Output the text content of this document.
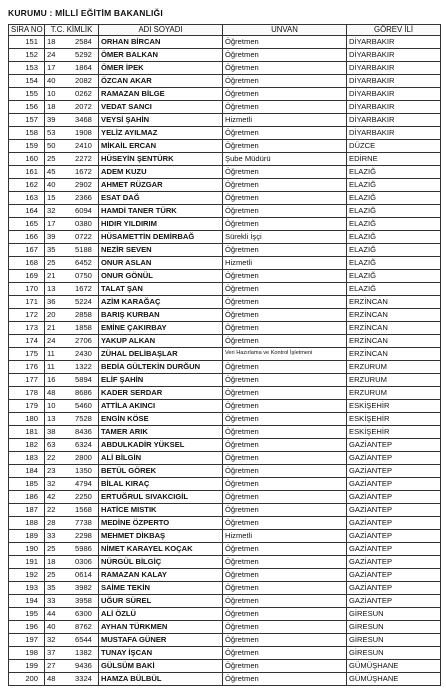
KURUMU : MİLLİ EĞİTİM BAKANLIĞI
SIRA NO	T.C. KİMLİK	ADI SOYADI	UNVAN	GÖREV İLİ
151	18 2584	ORHAN BİRCAN	Öğretmen	DİYARBAKIR
152	24 5292	ÖMER BALKAN	Öğretmen	DİYARBAKIR
153	17 1864	ÖMER İPEK	Öğretmen	DİYARBAKIR
154	40 2082	ÖZCAN AKAR	Öğretmen	DİYARBAKIR
155	10 0262	RAMAZAN BİLGE	Öğretmen	DİYARBAKIR
156	18 2072	VEDAT SANCI	Öğretmen	DİYARBAKIR
157	39 3468	VEYSİ ŞAHİN	Hizmetli	DİYARBAKIR
158	53 1908	YELİZ AYILMAZ	Öğretmen	DİYARBAKIR
159	50 2410	MİKAİL ERCAN	Öğretmen	DÜZCE
160	25 2272	HÜSEYİN ŞENTÜRK	Şube Müdürü	EDİRNE
161	45 1672	ADEM KUZU	Öğretmen	ELAZIĞ
162	40 2902	AHMET RÜZGAR	Öğretmen	ELAZIĞ
163	15 2366	ESAT DAĞ	Öğretmen	ELAZIĞ
164	32 6094	HAMDİ TANER TÜRK	Öğretmen	ELAZIĞ
165	17 0380	HIDIR YILDIRIM	Öğretmen	ELAZIĞ
166	39 0722	HÜSAMETTİN DEMİRBAĞ	Sürekli İşçi	ELAZIĞ
167	35 5188	NEZİR SEVEN	Öğretmen	ELAZIĞ
168	25 6452	ONUR ASLAN	Hizmetli	ELAZIĞ
169	21 0750	ONUR GÖNÜL	Öğretmen	ELAZIĞ
170	13 1672	TALAT ŞAN	Öğretmen	ELAZIĞ
171	36 5224	AZİM KARAĞAÇ	Öğretmen	ERZİNCAN
172	20 2858	BARIŞ KURBAN	Öğretmen	ERZİNCAN
173	21 1858	EMİNE ÇAKIRBAY	Öğretmen	ERZİNCAN
174	24 2706	YAKUP ALKAN	Öğretmen	ERZİNCAN
175	11 2430	ZÜHAL DELİBAŞLAR	Veri Hazırlama ve Kontrol İşletmeni	ERZİNCAN
176	11 1322	BEDİA GÜLTEKİN DURĞUN	Öğretmen	ERZURUM
177	16 5894	ELİF ŞAHİN	Öğretmen	ERZURUM
178	48 8686	KADER SERDAR	Öğretmen	ERZURUM
179	10 5460	ATTİLA AKINCI	Öğretmen	ESKİŞEHİR
180	13 7528	ENGİN KÖSE	Öğretmen	ESKİŞEHİR
181	38 8436	TAMER ARIK	Öğretmen	ESKİŞEHİR
182	63 6324	ABDULKADİR YÜKSEL	Öğretmen	GAZİANTEP
183	22 2800	ALİ BİLGİN	Öğretmen	GAZİANTEP
184	23 1350	BETÜL GÖREK	Öğretmen	GAZİANTEP
185	32 4794	BİLAL KIRAÇ	Öğretmen	GAZİANTEP
186	42 2250	ERTUĞRUL SIVAKCIGİL	Öğretmen	GAZİANTEP
187	22 1568	HATİCE MISTIK	Öğretmen	GAZİANTEP
188	28 7738	MEDİNE ÖZPERTO	Öğretmen	GAZİANTEP
189	33 2298	MEHMET DİKBAŞ	Hizmetli	GAZİANTEP
190	25 5986	NİMET KARAYEL KOÇAK	Öğretmen	GAZİANTEP
191	18 0306	NÜRGÜL BİLGİÇ	Öğretmen	GAZİANTEP
192	25 0614	RAMAZAN KALAY	Öğretmen	GAZİANTEP
193	35 3982	SAİME TEKİN	Öğretmen	GAZİANTEP
194	33 3958	UĞUR SÜREL	Öğretmen	GAZİANTEP
195	44 6300	ALİ ÖZLÜ	Öğretmen	GİRESUN
196	40 8762	AYHAN TÜRKMEN	Öğretmen	GİRESUN
197	32 6544	MUSTAFA GÜNER	Öğretmen	GİRESUN
198	37 1382	TUNAY İŞCAN	Öğretmen	GİRESUN
199	27 9436	GÜLSÜM BAKİ	Öğretmen	GÜMÜŞHANE
200	48 3324	HAMZA BÜLBÜL	Öğretmen	GÜMÜŞHANE
